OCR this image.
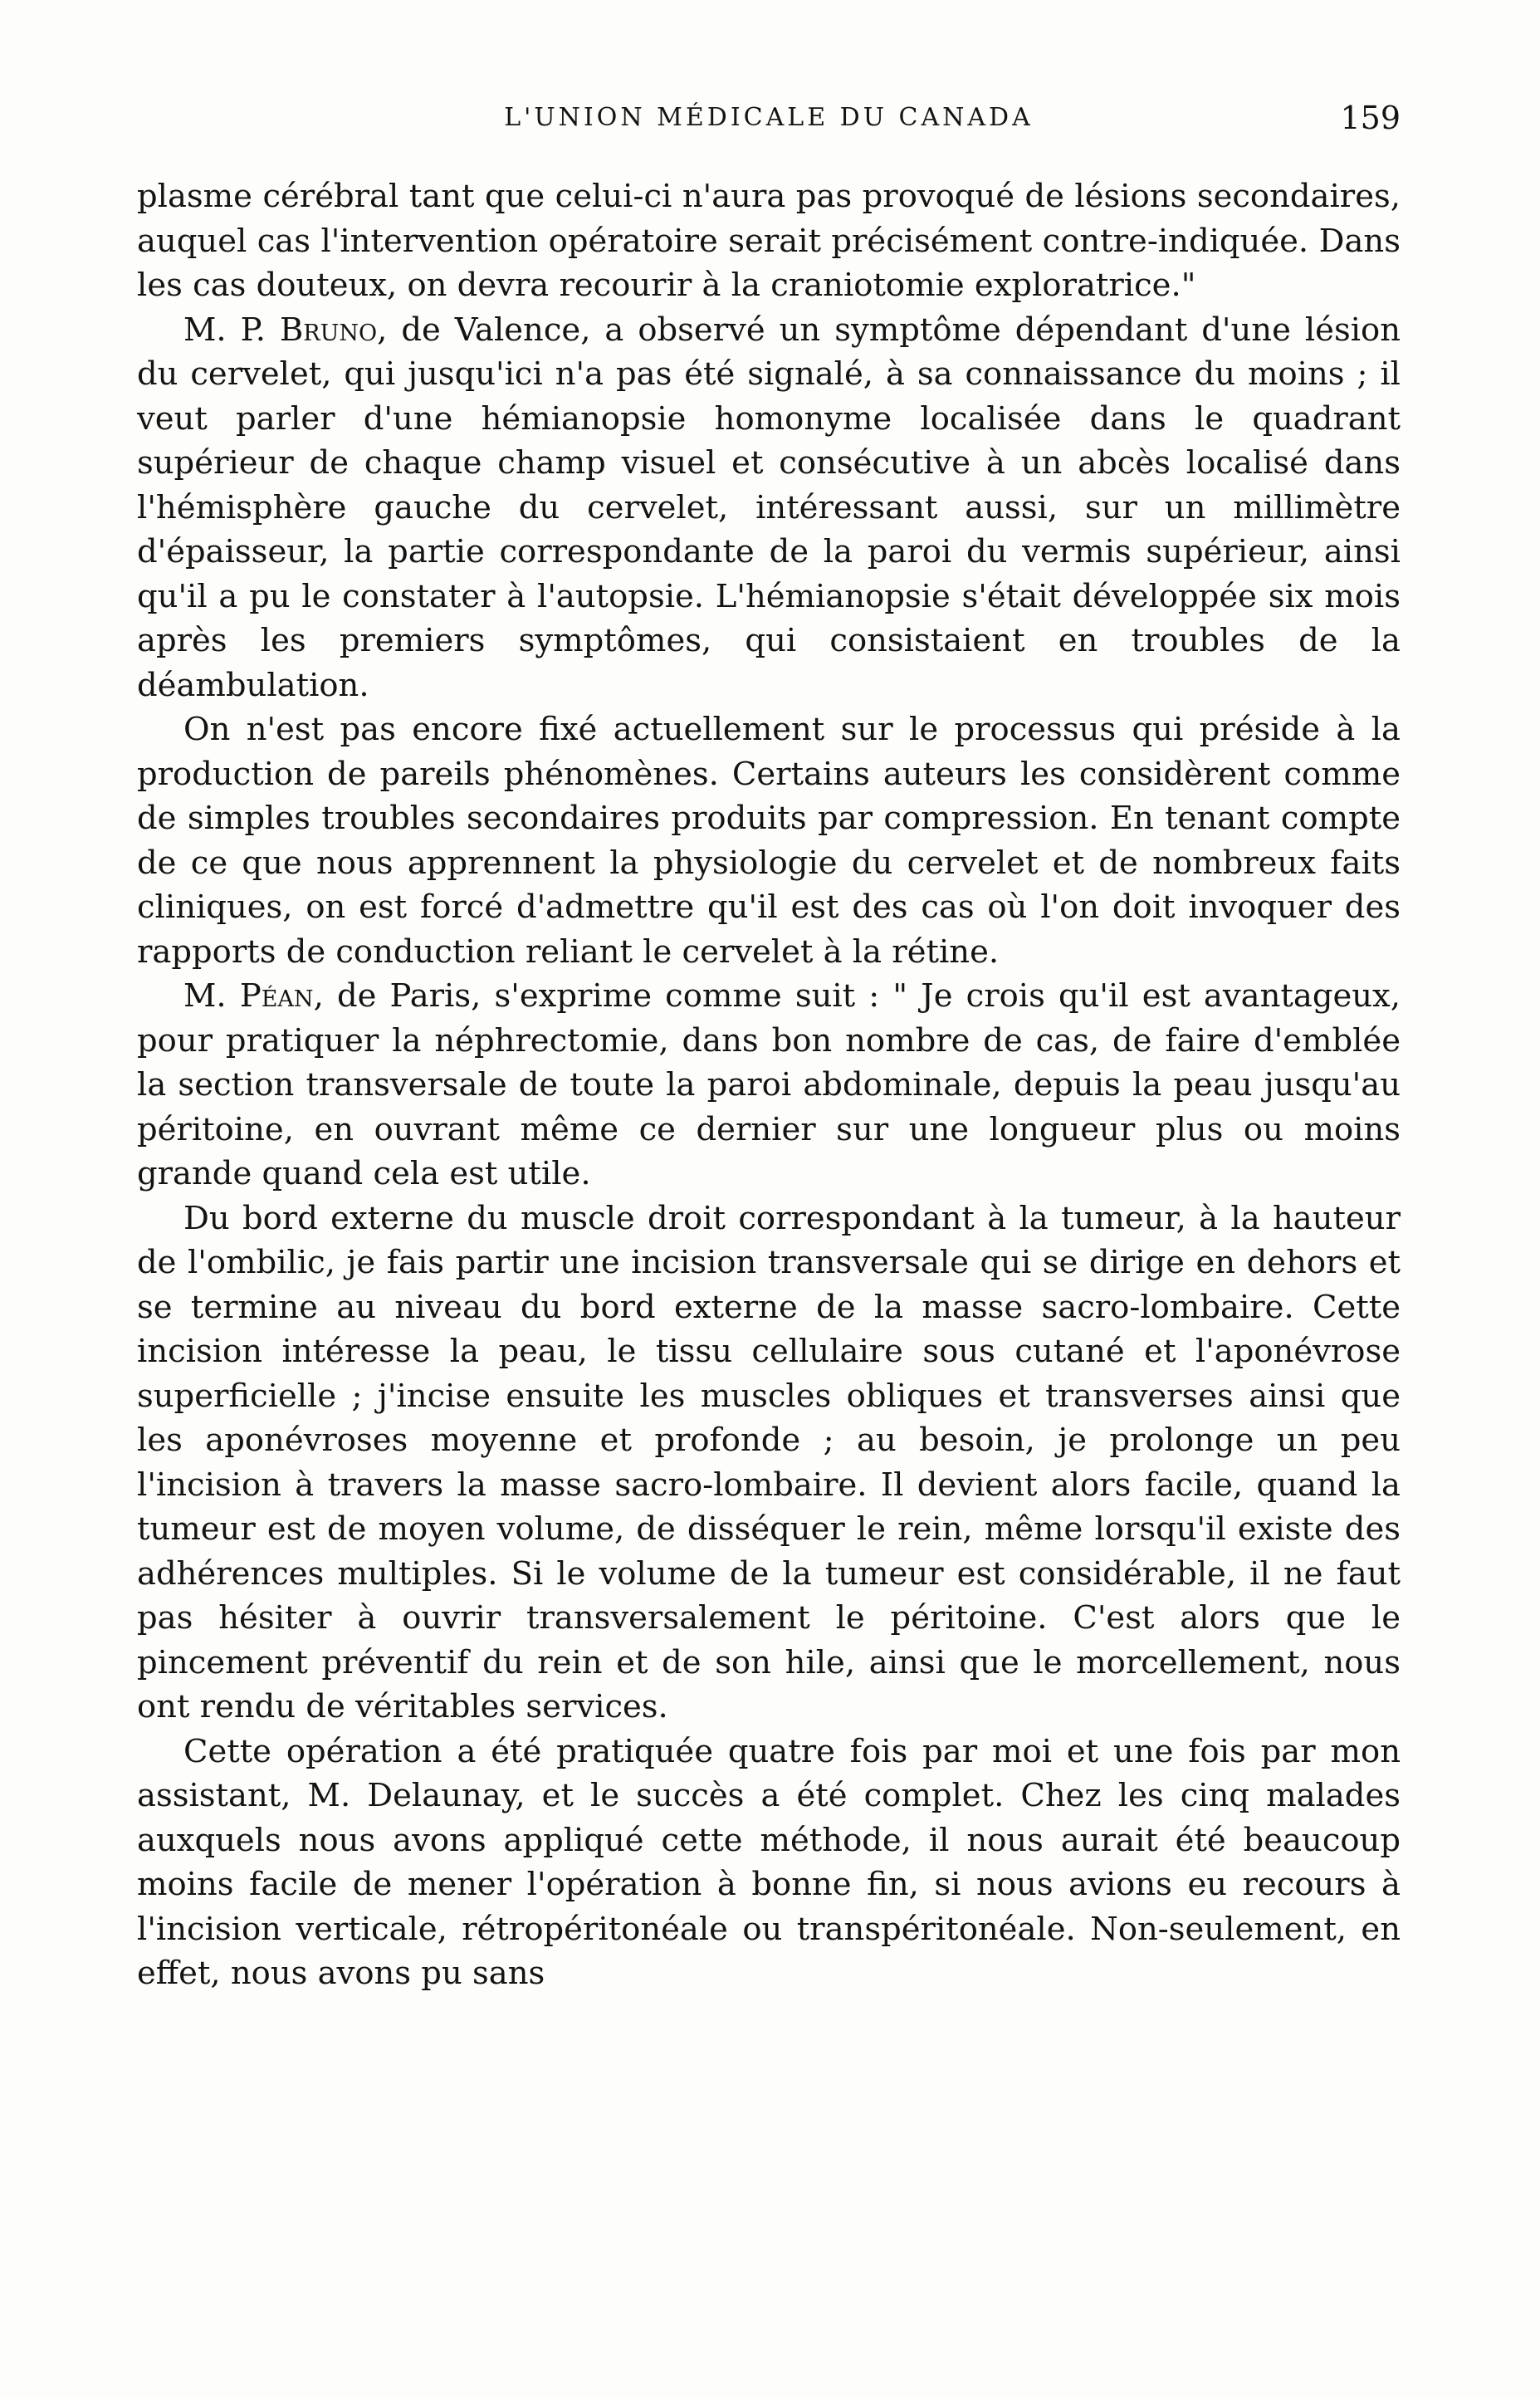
L'UNION MÉDICALE DU CANADA	159

plasme cérébral tant que celui-ci n'aura pas provoqué de lésions secondaires, auquel cas l'intervention opératoire serait précisément contre-indiquée. Dans les cas douteux, on devra recourir à la craniotomie exploratrice."

M. P. Bruno, de Valence, a observé un symptôme dépendant d'une lésion du cervelet, qui jusqu'ici n'a pas été signalé, à sa connaissance du moins ; il veut parler d'une hémianopsie homonyme localisée dans le quadrant supérieur de chaque champ visuel et consécutive à un abcès localisé dans l'hémisphère gauche du cervelet, intéressant aussi, sur un millimètre d'épaisseur, la partie correspondante de la paroi du vermis supérieur, ainsi qu'il a pu le constater à l'autopsie. L'hémianopsie s'était développée six mois après les premiers symptômes, qui consistaient en troubles de la déambulation.

On n'est pas encore fixé actuellement sur le processus qui préside à la production de pareils phénomènes. Certains auteurs les considèrent comme de simples troubles secondaires produits par compression. En tenant compte de ce que nous apprennent la physiologie du cervelet et de nombreux faits cliniques, on est forcé d'admettre qu'il est des cas où l'on doit invoquer des rapports de conduction reliant le cervelet à la rétine.

M. Péan, de Paris, s'exprime comme suit : " Je crois qu'il est avantageux, pour pratiquer la néphrectomie, dans bon nombre de cas, de faire d'emblée la section transversale de toute la paroi abdominale, depuis la peau jusqu'au péritoine, en ouvrant même ce dernier sur une longueur plus ou moins grande quand cela est utile.

Du bord externe du muscle droit correspondant à la tumeur, à la hauteur de l'ombilic, je fais partir une incision transversale qui se dirige en dehors et se termine au niveau du bord externe de la masse sacro-lombaire. Cette incision intéresse la peau, le tissu cellulaire sous cutané et l'aponévrose superficielle ; j'incise ensuite les muscles obliques et transverses ainsi que les aponévroses moyenne et profonde ; au besoin, je prolonge un peu l'incision à travers la masse sacro-lombaire. Il devient alors facile, quand la tumeur est de moyen volume, de disséquer le rein, même lorsqu'il existe des adhérences multiples. Si le volume de la tumeur est considérable, il ne faut pas hésiter à ouvrir transversalement le péritoine. C'est alors que le pincement préventif du rein et de son hile, ainsi que le morcellement, nous ont rendu de véritables services.

Cette opération a été pratiquée quatre fois par moi et une fois par mon assistant, M. Delaunay, et le succès a été complet. Chez les cinq malades auxquels nous avons appliqué cette méthode, il nous aurait été beaucoup moins facile de mener l'opération à bonne fin, si nous avions eu recours à l'incision verticale, rétropéritonéale ou transpéritonéale. Non-seulement, en effet, nous avons pu sans
